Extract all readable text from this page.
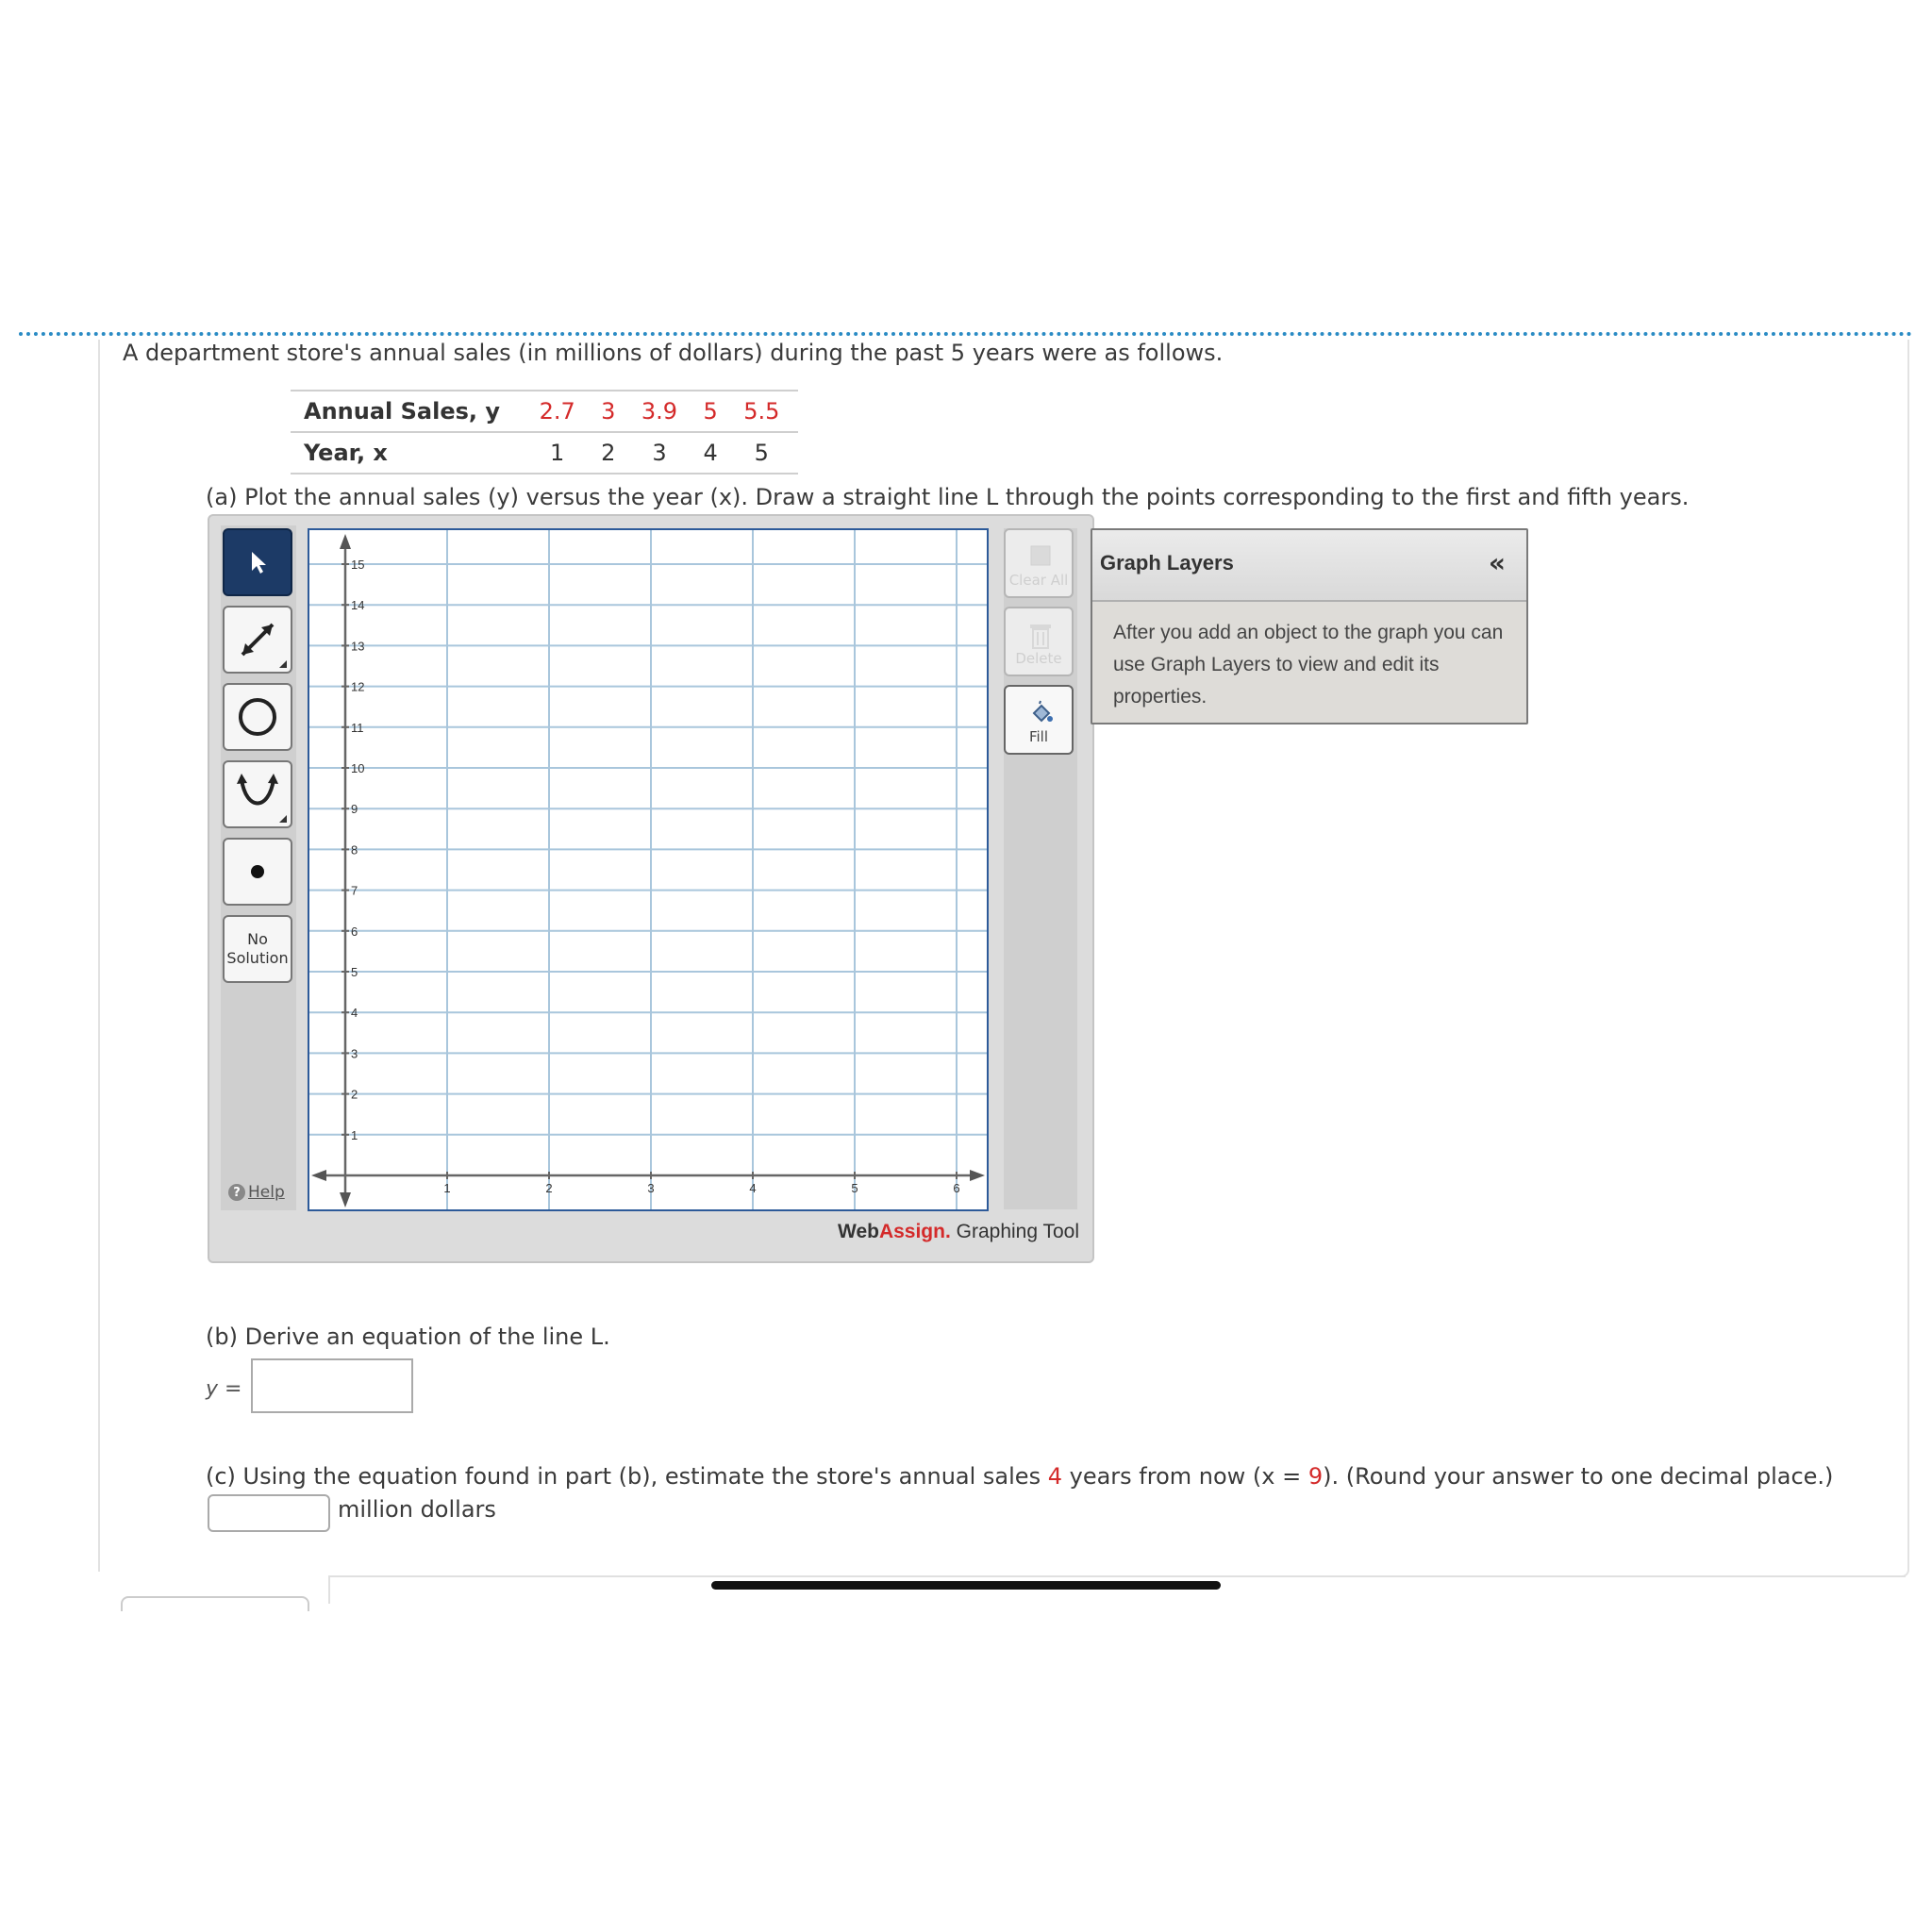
A department store's annual sales (in millions of dollars) during the past 5 years were as follows.
Annual Sales, y	2.7	3	3.9	5	5.5
Year, x	1	2	3	4	5
(a) Plot the annual sales (y) versus the year (x). Draw a straight line L through the points corresponding to the first and fifth years.
No
Solution
? Help
15
14
13
12
11
10
9
8
7
6
5
4
3
2
1
1	2	3	4	5	6
Clear All
Delete
Fill
WebAssign. Graphing Tool
Graph Layers	«
After you add an object to the graph you can use Graph Layers to view and edit its properties.
(b) Derive an equation of the line L.
y =
(c) Using the equation found in part (b), estimate the store's annual sales 4 years from now (x = 9). (Round your answer to one decimal place.)
million dollars
